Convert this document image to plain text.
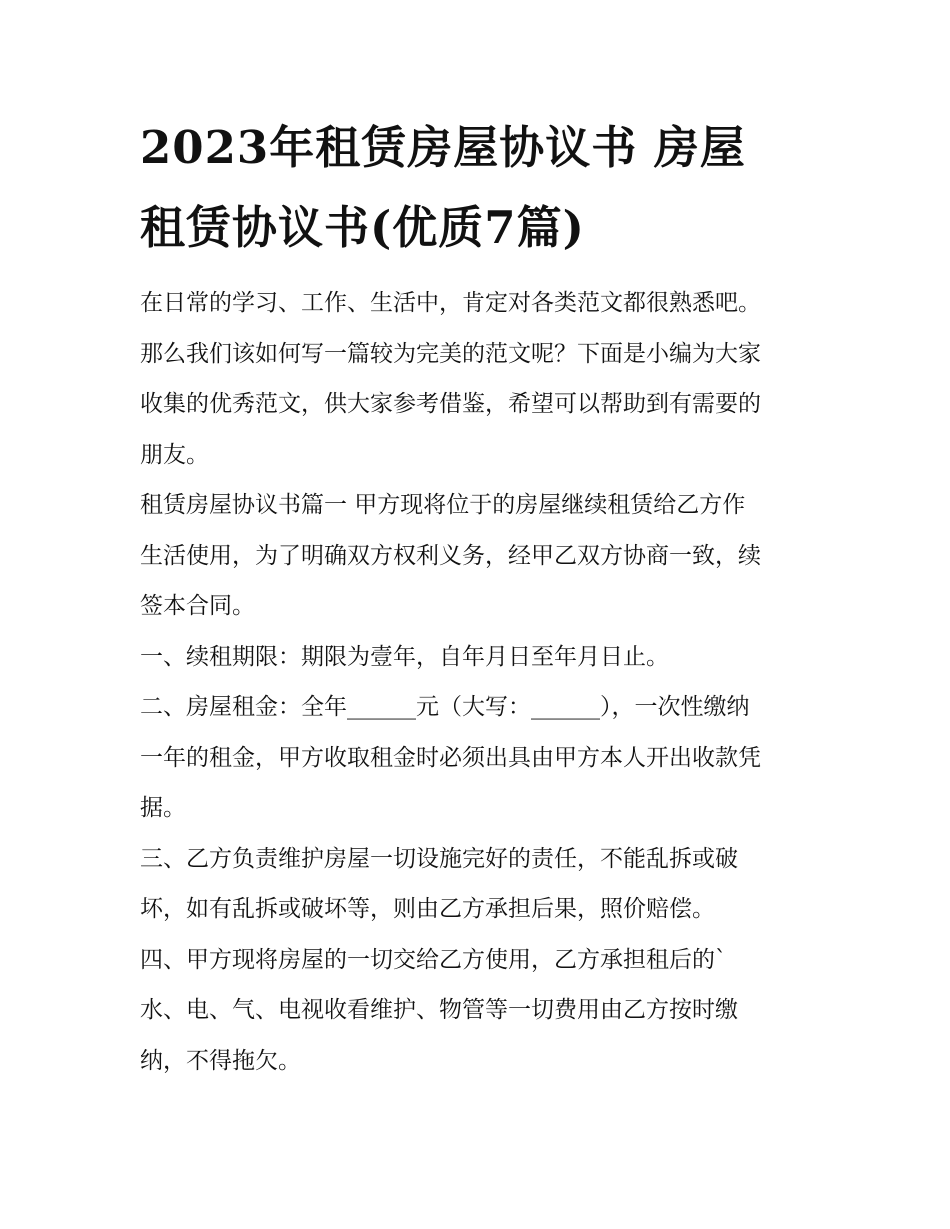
2023年租赁房屋协议书 房屋
租赁协议书(优质7篇)

在日常的学习、工作、生活中，肯定对各类范文都很熟悉吧。
那么我们该如何写一篇较为完美的范文呢？下面是小编为大家
收集的优秀范文，供大家参考借鉴，希望可以帮助到有需要的
朋友。

租赁房屋协议书篇一 甲方现将位于的房屋继续租赁给乙方作
生活使用，为了明确双方权利义务，经甲乙双方协商一致，续
签本合同。

一、续租期限：期限为壹年，自年月日至年月日止。

二、房屋租金：全年______元（大写：______），一次性缴纳
一年的租金，甲方收取租金时必须出具由甲方本人开出收款凭
据。

三、乙方负责维护房屋一切设施完好的责任，不能乱拆或破
坏，如有乱拆或破坏等，则由乙方承担后果，照价赔偿。

四、甲方现将房屋的一切交给乙方使用，乙方承担租后的`
水、电、气、电视收看维护、物管等一切费用由乙方按时缴
纳，不得拖欠。
